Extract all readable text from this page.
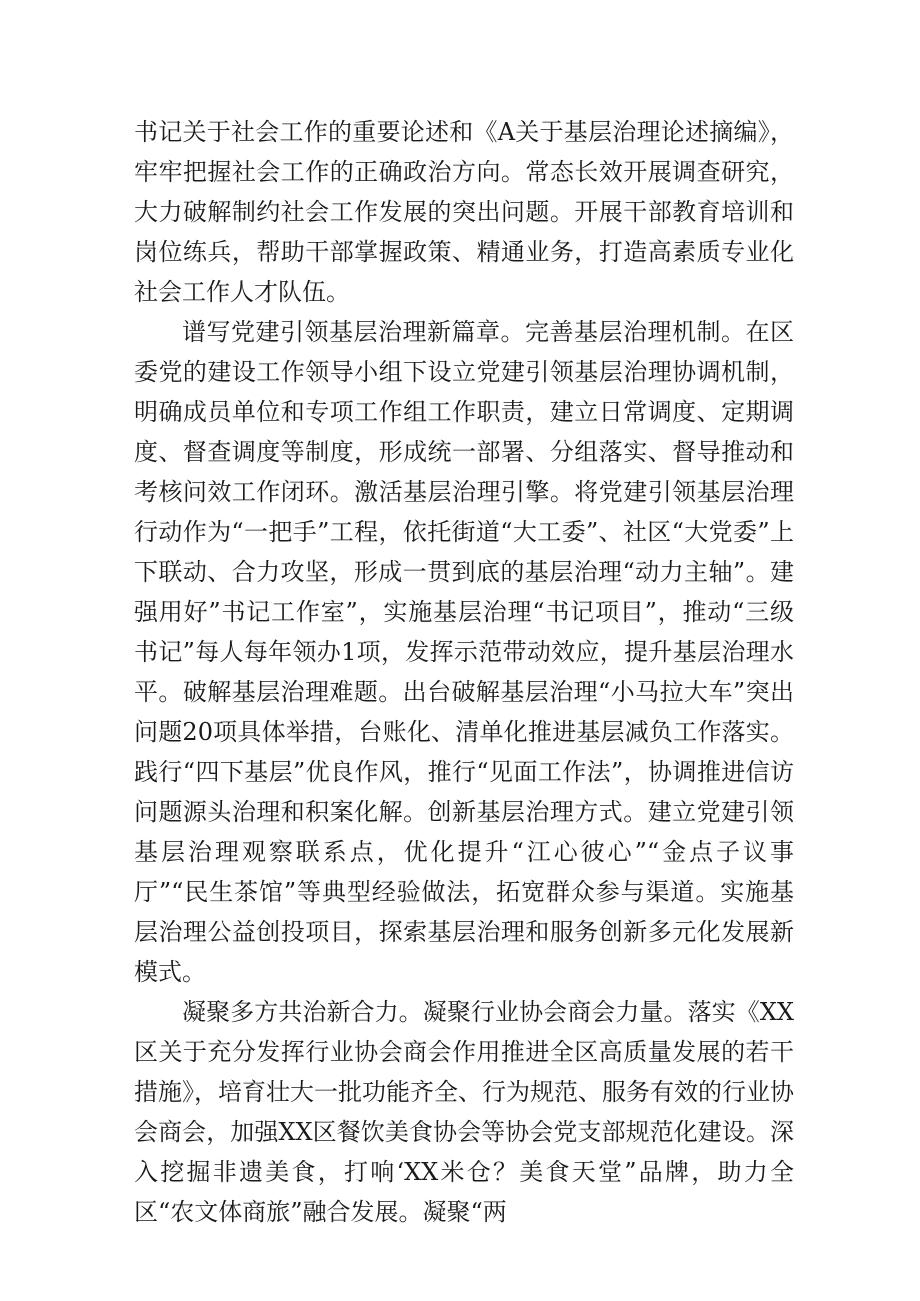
书记关于社会工作的重要论述和《A关于基层治理论述摘编》，牢牢把握社会工作的正确政治方向。常态长效开展调查研究，大力破解制约社会工作发展的突出问题。开展干部教育培训和岗位练兵，帮助干部掌握政策、精通业务，打造高素质专业化社会工作人才队伍。

谱写党建引领基层治理新篇章。完善基层治理机制。在区委党的建设工作领导小组下设立党建引领基层治理协调机制，明确成员单位和专项工作组工作职责，建立日常调度、定期调度、督查调度等制度，形成统一部署、分组落实、督导推动和考核问效工作闭环。激活基层治理引擎。将党建引领基层治理行动作为“一把手”工程，依托街道“大工委”、社区“大党委”上下联动、合力攻坚，形成一贯到底的基层治理“动力主轴”。建强用好”书记工作室”，实施基层治理“书记项目”，推动“三级书记”每人每年领办1项，发挥示范带动效应，提升基层治理水平。破解基层治理难题。出台破解基层治理“小马拉大车”突出问题20项具体举措，台账化、清单化推进基层减负工作落实。践行“四下基层”优良作风，推行“见面工作法”，协调推进信访问题源头治理和积案化解。创新基层治理方式。建立党建引领基层治理观察联系点，优化提升“江心彼心”“金点子议事厅”“民生茶馆”等典型经验做法，拓宽群众参与渠道。实施基层治理公益创投项目，探索基层治理和服务创新多元化发展新模式。

凝聚多方共治新合力。凝聚行业协会商会力量。落实《XX区关于充分发挥行业协会商会作用推进全区高质量发展的若干措施》，培育壮大一批功能齐全、行为规范、服务有效的行业协会商会，加强XX区餐饮美食协会等协会党支部规范化建设。深入挖掘非遗美食，打响‘XX米仓？美食天堂”品牌，助力全区“农文体商旅”融合发展。凝聚“两
